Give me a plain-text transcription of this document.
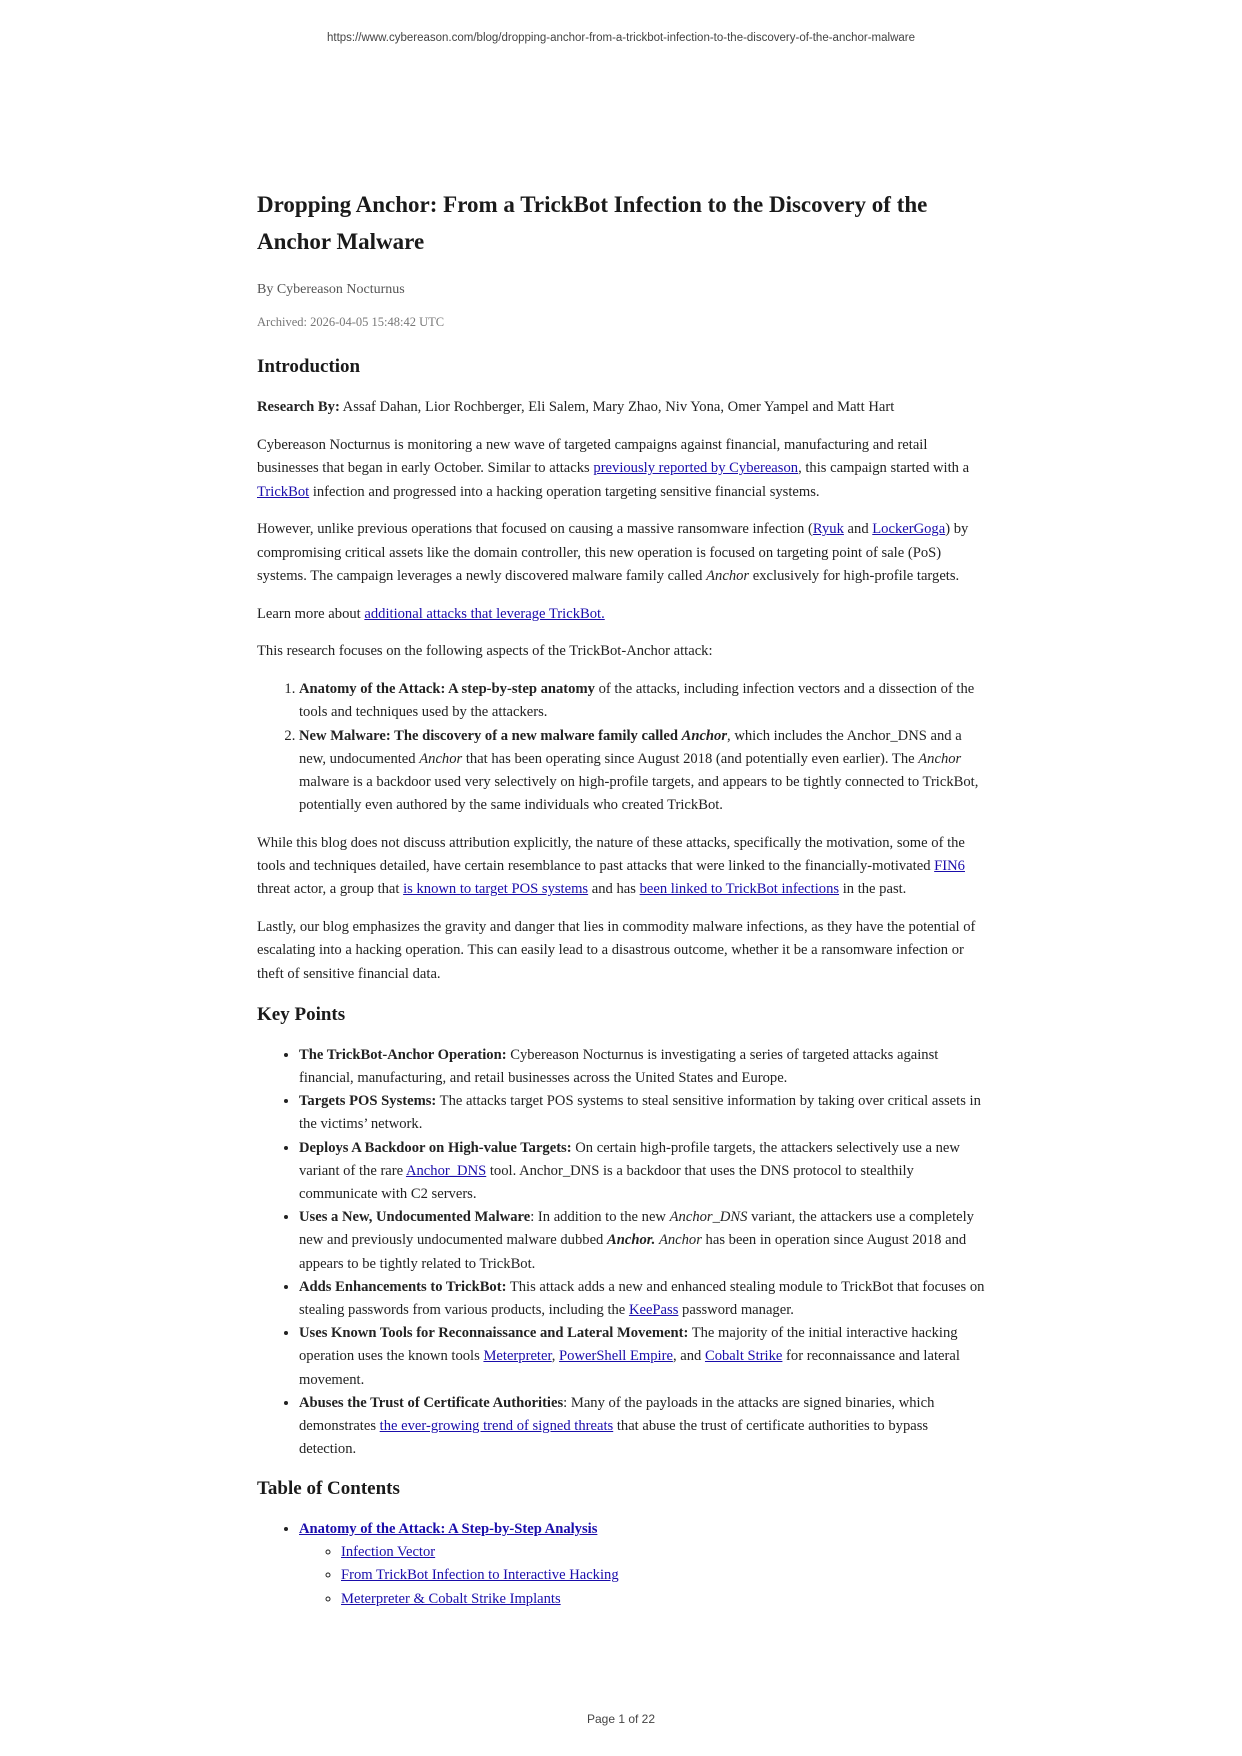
https://www.cybereason.com/blog/dropping-anchor-from-a-trickbot-infection-to-the-discovery-of-the-anchor-malware
Dropping Anchor: From a TrickBot Infection to the Discovery of the Anchor Malware

By Cybereason Nocturnus

Archived: 2026-04-05 15:48:42 UTC

Introduction

Research By: Assaf Dahan, Lior Rochberger, Eli Salem, Mary Zhao, Niv Yona, Omer Yampel and Matt Hart

Cybereason Nocturnus is monitoring a new wave of targeted campaigns against financial, manufacturing and retail businesses that began in early October. Similar to attacks previously reported by Cybereason, this campaign started with a TrickBot infection and progressed into a hacking operation targeting sensitive financial systems.

However, unlike previous operations that focused on causing a massive ransomware infection (Ryuk and LockerGoga) by compromising critical assets like the domain controller, this new operation is focused on targeting point of sale (PoS) systems. The campaign leverages a newly discovered malware family called Anchor exclusively for high-profile targets.

Learn more about additional attacks that leverage TrickBot.

This research focuses on the following aspects of the TrickBot-Anchor attack:

1. Anatomy of the Attack: A step-by-step anatomy of the attacks, including infection vectors and a dissection of the tools and techniques used by the attackers.
2. New Malware: The discovery of a new malware family called Anchor, which includes the Anchor_DNS and a new, undocumented Anchor that has been operating since August 2018 (and potentially even earlier). The Anchor malware is a backdoor used very selectively on high-profile targets, and appears to be tightly connected to TrickBot, potentially even authored by the same individuals who created TrickBot.

While this blog does not discuss attribution explicitly, the nature of these attacks, specifically the motivation, some of the tools and techniques detailed, have certain resemblance to past attacks that were linked to the financially-motivated FIN6 threat actor, a group that is known to target POS systems and has been linked to TrickBot infections in the past.

Lastly, our blog emphasizes the gravity and danger that lies in commodity malware infections, as they have the potential of escalating into a hacking operation. This can easily lead to a disastrous outcome, whether it be a ransomware infection or theft of sensitive financial data.

Key Points
• The TrickBot-Anchor Operation: Cybereason Nocturnus is investigating a series of targeted attacks against financial, manufacturing, and retail businesses across the United States and Europe.
• Targets POS Systems: The attacks target POS systems to steal sensitive information by taking over critical assets in the victims’ network.
• Deploys A Backdoor on High-value Targets: On certain high-profile targets, the attackers selectively use a new variant of the rare Anchor_DNS tool. Anchor_DNS is a backdoor that uses the DNS protocol to stealthily communicate with C2 servers.
• Uses a New, Undocumented Malware: In addition to the new Anchor_DNS variant, the attackers use a completely new and previously undocumented malware dubbed Anchor. Anchor has been in operation since August 2018 and appears to be tightly related to TrickBot.
• Adds Enhancements to TrickBot: This attack adds a new and enhanced stealing module to TrickBot that focuses on stealing passwords from various products, including the KeePass password manager.
• Uses Known Tools for Reconnaissance and Lateral Movement: The majority of the initial interactive hacking operation uses the known tools Meterpreter, PowerShell Empire, and Cobalt Strike for reconnaissance and lateral movement.
• Abuses the Trust of Certificate Authorities: Many of the payloads in the attacks are signed binaries, which demonstrates the ever-growing trend of signed threats that abuse the trust of certificate authorities to bypass detection.
Table of Contents
• Anatomy of the Attack: A Step-by-Step Analysis
◦ Infection Vector
◦ From TrickBot Infection to Interactive Hacking
◦ Meterpreter & Cobalt Strike Implants
Page 1 of 22
